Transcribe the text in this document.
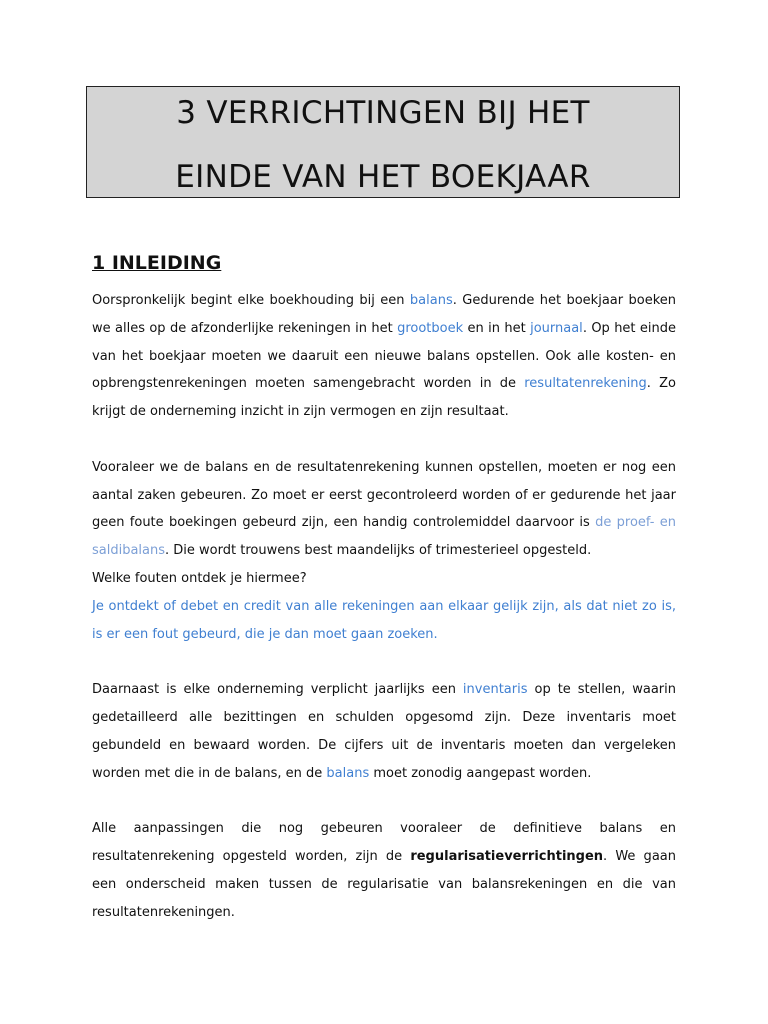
3 VERRICHTINGEN BIJ HET
EINDE VAN HET BOEKJAAR
1 INLEIDING

Oorspronkelijk begint elke boekhouding bij een balans. Gedurende het boekjaar boeken we alles op de afzonderlijke rekeningen in het grootboek en in het journaal. Op het einde van het boekjaar moeten we daaruit een nieuwe balans opstellen. Ook alle kosten- en opbrengstenrekeningen moeten samengebracht worden in de resultatenrekening. Zo krijgt de onderneming inzicht in zijn vermogen en zijn resultaat.

Vooraleer we de balans en de resultatenrekening kunnen opstellen, moeten er nog een aantal zaken gebeuren. Zo moet er eerst gecontroleerd worden of er gedurende het jaar geen foute boekingen gebeurd zijn, een handig controlemiddel daarvoor is de proef- en saldibalans. Die wordt trouwens best maandelijks of trimesterieel opgesteld.

Welke fouten ontdek je hiermee?

Je ontdekt of debet en credit van alle rekeningen aan elkaar gelijk zijn, als dat niet zo is, is er een fout gebeurd, die je dan moet gaan zoeken.

Daarnaast is elke onderneming verplicht jaarlijks een inventaris op te stellen, waarin gedetailleerd alle bezittingen en schulden opgesomd zijn. Deze inventaris moet gebundeld en bewaard worden. De cijfers uit de inventaris moeten dan vergeleken worden met die in de balans, en de balans moet zonodig aangepast worden.

Alle aanpassingen die nog gebeuren vooraleer de definitieve balans en resultatenrekening opgesteld worden, zijn de regularisatieverrichtingen. We gaan een onderscheid maken tussen de regularisatie van balansrekeningen en die van resultatenrekeningen.
